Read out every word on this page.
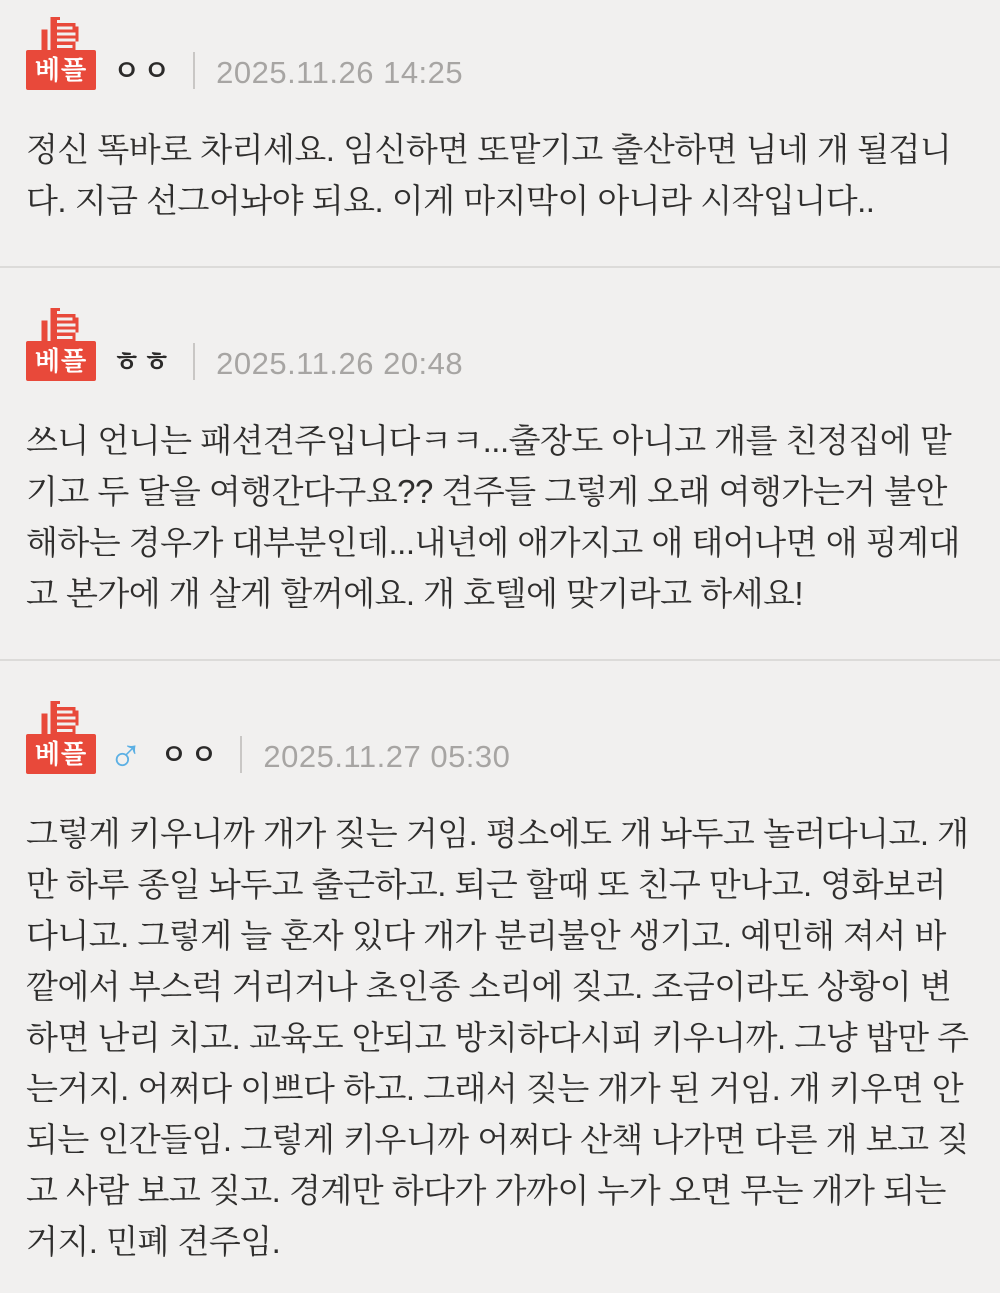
베플 ㅇㅇ 2025.11.26 14:25

정신 똑바로 차리세요. 임신하면 또맡기고 출산하면 님네 개 될겁니다. 지금 선그어놔야 되요. 이게 마지막이 아니라 시작입니다..

베플 ㅎㅎ 2025.11.26 20:48

쓰니 언니는 패션견주입니다ㅋㅋ...출장도 아니고 개를 친정집에 맡기고 두 달을 여행간다구요?? 견주들 그렇게 오래 여행가는거 불안해하는 경우가 대부분인데...내년에 애가지고 애 태어나면 애 핑계대고 본가에 개 살게 할꺼에요. 개 호텔에 맞기라고 하세요!

베플 ♂ ㅇㅇ 2025.11.27 05:30

그렇게 키우니까 개가 짖는 거임. 평소에도 개 놔두고 놀러다니고. 개만 하루 종일 놔두고 출근하고. 퇴근 할때 또 친구 만나고. 영화보러 다니고. 그렇게 늘 혼자 있다 개가 분리불안 생기고. 예민해 져서 바깥에서 부스럭 거리거나 초인종 소리에 짖고. 조금이라도 상황이 변하면 난리 치고. 교육도 안되고 방치하다시피 키우니까. 그냥 밥만 주는거지. 어쩌다 이쁘다 하고. 그래서 짖는 개가 된 거임. 개 키우면 안되는 인간들임. 그렇게 키우니까 어쩌다 산책 나가면 다른 개 보고 짖고 사람 보고 짖고. 경계만 하다가 가까이 누가 오면 무는 개가 되는 거지. 민폐 견주임.
